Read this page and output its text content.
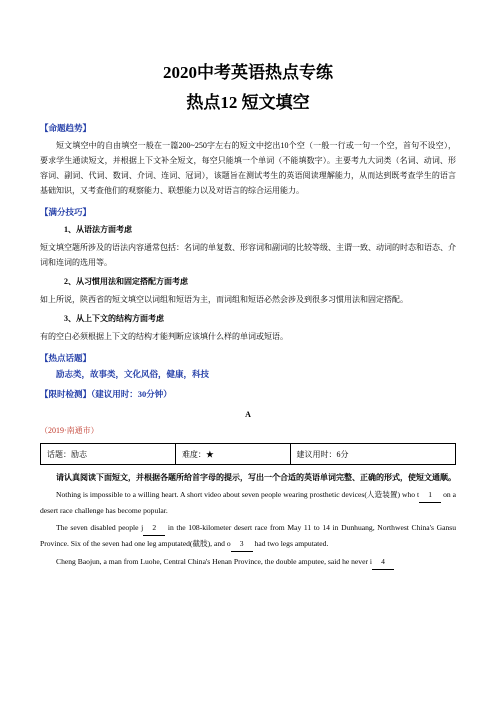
2020中考英语热点专练
热点12 短文填空
【命题趋势】
短文填空中的自由填空一般在一篇200~250字左右的短文中挖出10个空（一般一行或一句一个空，首句不设空），要求学生通读短文，并根据上下文补全短文，每空只能填一个单词（不能填数字）。主要考九大词类（名词、动词、形容词、副词、代词、数词、介词、连词、冠词），该题旨在测试考生的英语阅读理解能力，从而达到既考查学生的语言基础知识，又考查他们的观察能力、联想能力以及对语言的综合运用能力。
【满分技巧】
1、从语法方面考虑
短文填空题所涉及的语法内容通常包括：名词的单复数、形容词和副词的比较等级、主谓一致、动词的时态和语态、介词和连词的选用等。
2、从习惯用法和固定搭配方面考虑
如上所说，陕西省的短文填空以词组和短语为主，而词组和短语必然会涉及到很多习惯用法和固定搭配。
3、从上下文的结构方面考虑
有的空白必须根据上下文的结构才能判断应该填什么样的单词或短语。
【热点话题】
励志类，故事类，文化风俗，健康，科技
【限时检测】（建议用时：30分钟）
A
（2019·南通市）
话题：励志	难度：★	建议用时：6分
请认真阅读下面短文，并根据各题所给首字母的提示，写出一个合适的英语单词完整、正确的形式，使短文通顺。
Nothing is impossible to a willing heart. A short video about seven people wearing prosthetic devices(人造装置) who t 1 on a desert race challenge has become popular.
The seven disabled people j 2 in the 108-kilometer desert race from May 11 to 14 in Dunhuang, Northwest China's Gansu Province. Six of the seven had one leg amputated(截肢), and o 3 had two legs amputated.
Cheng Baojun, a man from Luohe, Central China's Henan Province, the double amputee, said he never i 4
